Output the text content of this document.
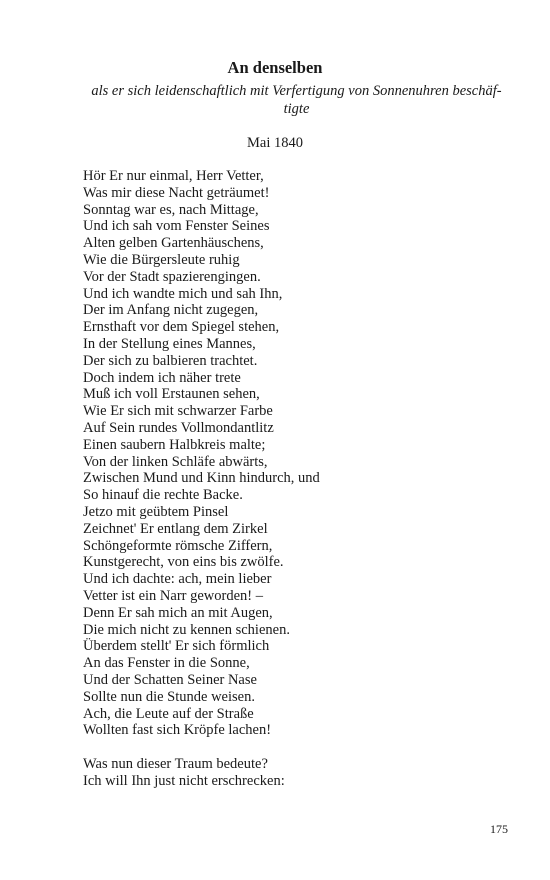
An denselben
als er sich leidenschaftlich mit Verfertigung von Sonnenuhren beschäf- tigte
Mai 1840
Hör Er nur einmal, Herr Vetter,
Was mir diese Nacht geträumet!
Sonntag war es, nach Mittage,
Und ich sah vom Fenster Seines
Alten gelben Gartenhäuschens,
Wie die Bürgersleute ruhig
Vor der Stadt spazierengingen.
Und ich wandte mich und sah Ihn,
Der im Anfang nicht zugegen,
Ernsthaft vor dem Spiegel stehen,
In der Stellung eines Mannes,
Der sich zu balbieren trachtet.
Doch indem ich näher trete
Muß ich voll Erstaunen sehen,
Wie Er sich mit schwarzer Farbe
Auf Sein rundes Vollmondantlitz
Einen saubern Halbkreis malte;
Von der linken Schläfe abwärts,
Zwischen Mund und Kinn hindurch, und
So hinauf die rechte Backe.
Jetzo mit geübtem Pinsel
Zeichnet' Er entlang dem Zirkel
Schöngeformte römsche Ziffern,
Kunstgerecht, von eins bis zwölfe.
Und ich dachte: ach, mein lieber
Vetter ist ein Narr geworden! –
Denn Er sah mich an mit Augen,
Die mich nicht zu kennen schienen.
Überdem stellt' Er sich förmlich
An das Fenster in die Sonne,
Und der Schatten Seiner Nase
Sollte nun die Stunde weisen.
Ach, die Leute auf der Straße
Wollten fast sich Kröpfe lachen!
Was nun dieser Traum bedeute?
Ich will Ihn just nicht erschrecken:
175
